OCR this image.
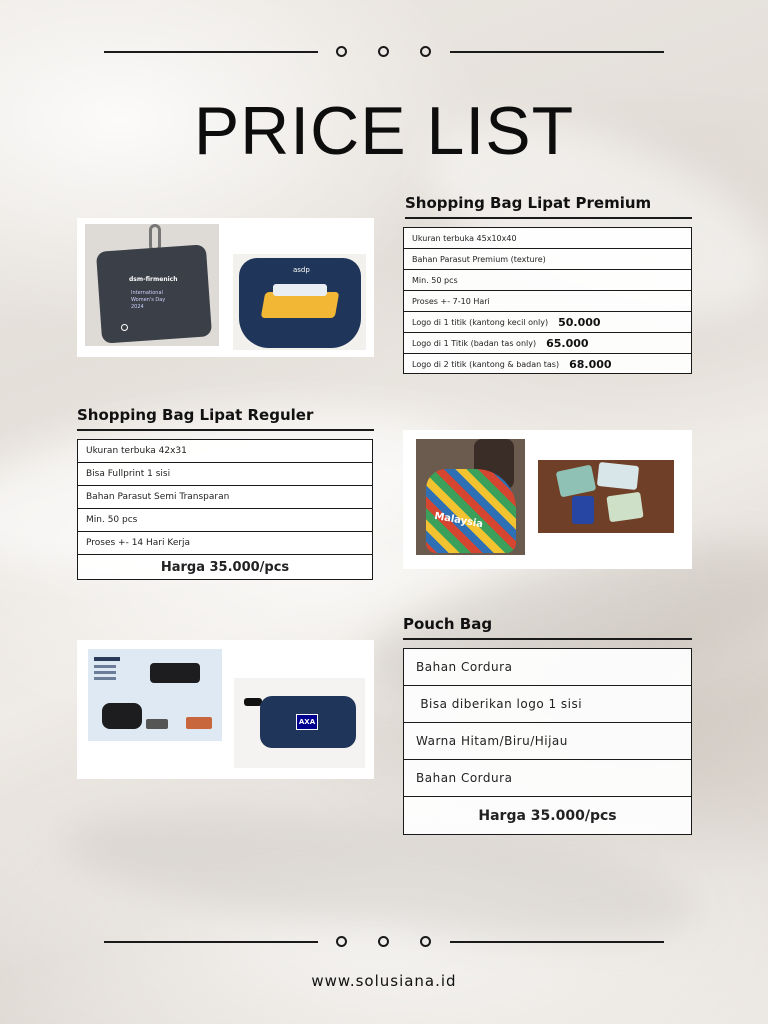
PRICE LIST
Shopping Bag Lipat Premium
Ukuran terbuka 45x10x40
Bahan Parasut Premium (texture)
Min. 50 pcs
Proses +- 7-10 Hari
Logo di 1 titik (kantong kecil only) 50.000
Logo di 1 Titik (badan tas only) 65.000
Logo di 2 titik (kantong & badan tas) 68.000
dsm-firmenich
International
Women's Day
2024
asdp
Shopping Bag Lipat Reguler
Ukuran terbuka 42x31
Bisa Fullprint 1 sisi
Bahan Parasut Semi Transparan
Min. 50 pcs
Proses +- 14 Hari Kerja
Harga 35.000/pcs
Malaysia
Pouch Bag
Bahan Cordura
Bisa diberikan logo 1 sisi
Warna Hitam/Biru/Hijau
Bahan Cordura
Harga 35.000/pcs
AXA
www.solusiana.id
